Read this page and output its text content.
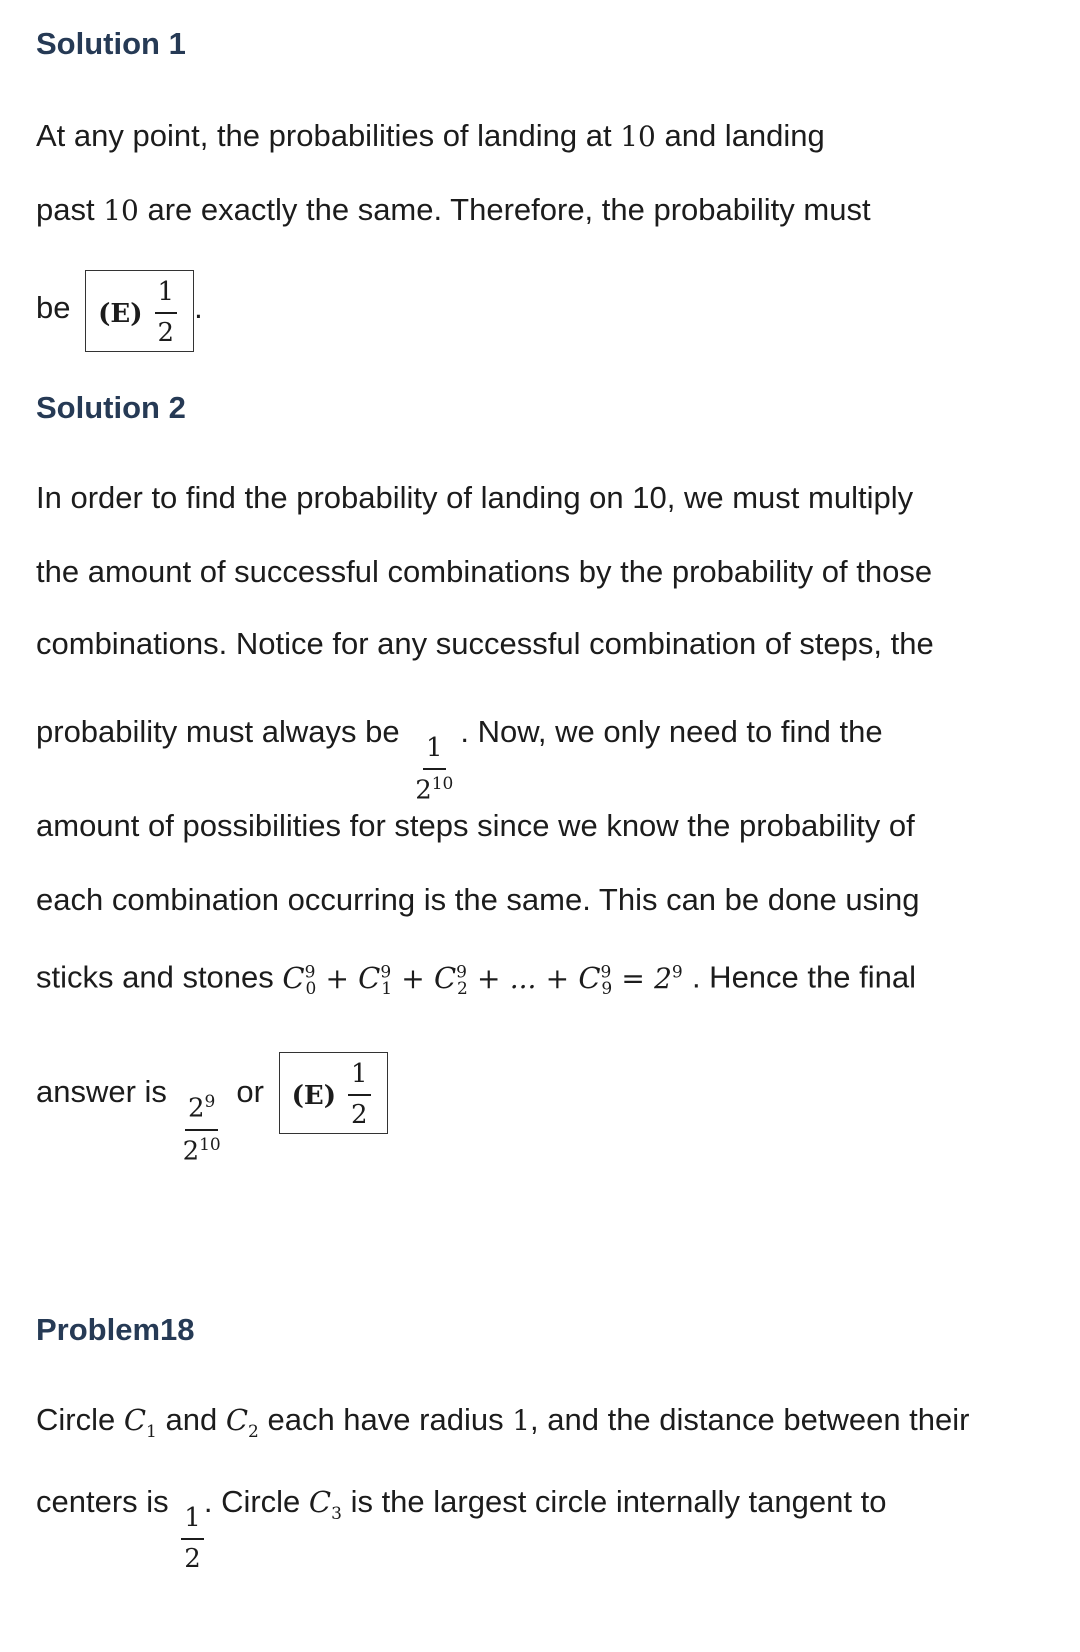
Solution 1
At any point, the probabilities of landing at 10 and landing
past 10 are exactly the same. Therefore, the probability must
be $(E) \frac{1}{2}$ .
Solution 2
In order to find the probability of landing on 10, we must multiply
the amount of successful combinations by the probability of those
combinations. Notice for any successful combination of steps, the
probability must always be
$\frac{1}{2^{10}}$
. Now, we only need to find the
amount of possibilities for steps since we know the probability of
each combination occurring is the same. This can be done using
sticks and stones $C^9_0 + C^9_1 + C^9_2$ + ... + $C^9_9 = 2^9$ . Hence the final
answer is
$\frac{2^9}{2^{10}}$
or $(E) \frac{1}{2}$
Problem18
Circle $C_1$ and $C_2$ each have radius 1, and the distance between their
centers is
$\frac{1}{2}$
. Circle $C_3$ is the largest circle internally tangent to
